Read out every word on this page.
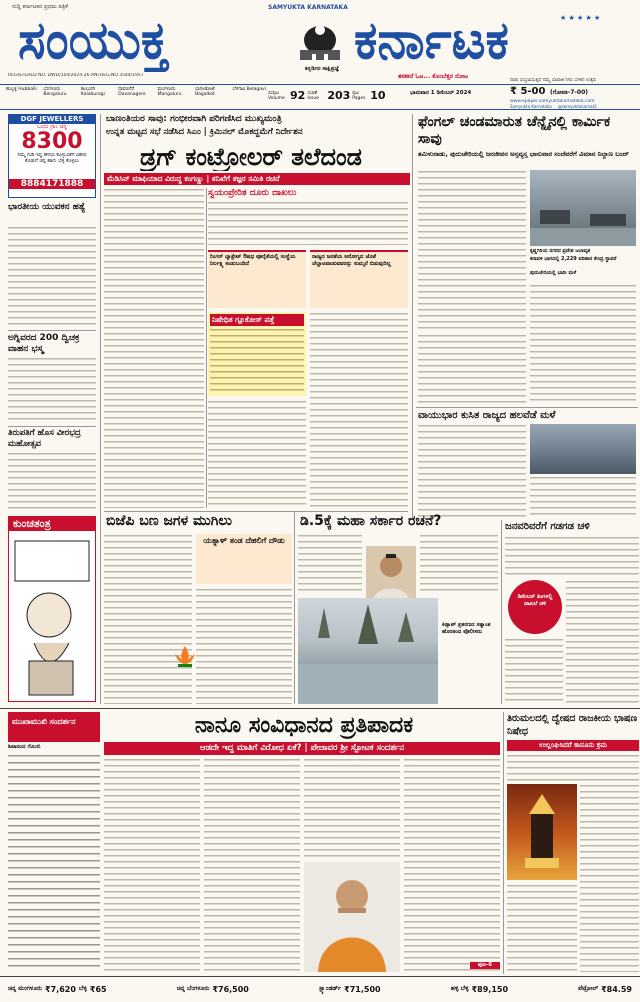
ಸುದ್ದಿ ಕರ್ನಾಟಕದ ಪ್ರಥಮ ಪತ್ರಿಕೆ	SAMYUKTA KARNATAKA
★ ★ ★ ★ ★
ಸಂಯುಕ್ತ	ಕನ್ನಡಿಗರ ಸಾಕ್ಷಿಪ್ರಜ್ಞೆ ಕರ್ನಾಟಕ
REGISTERED NO. DWD/104/2024-26 RNI.REG.NO.3544/1957	ತಕತಕನೆ ಓಟ... ಕೊಂಬೆತ್ತರ ನೋಟ
ನಾಡು ಸಂಭ್ರಮಿಸುತ್ತಿದೆ ನಮ್ಮ ಬಾಲಾಜಿ ನೀರು ಬೆಳಕಿನ ಉತ್ಸವ
ಹುಬ್ಬಳ್ಳಿ Hubballi	ಬೆಂಗಳೂರು Bengaluru
ಕಲಬುರಗಿ Kalaburagi
ದಾವಣಗೆರೆ Davanagere
ಮಂಗಳೂರು Mangaluru
ಬಾಗಲಕೋಟೆ Bagalkot
ಬೆಳಗಾವಿ Belagavi
ಸಂಪುಟ Volume 92 ಸಂಚಿಕೆ Issue 203 ಪುಟ Pages 10	ಭಾನುವಾರ 1 ಡಿಸೆಂಬರ್ 2024	₹ 5-00 (ಗೋವಾ-7-00)
www.epaper.samyuktakarnataka.com
Samyukta Karnataka @samyuktakarnat2
DGF JEWELLERS
ಒಂದು ಗ್ರಾಂ ಚಿನ್ನ
8300
ನಿಮ್ಮ ಗುಡಿ ಇದ್ದ ಹಳೆಯ ಕೊಳ್ಳುವಿಕೆಗೆ ವಿಶೇಷ ಕೊಡುಗೆ ಚಿನ್ನ ಹಾಗು ಬೆಳ್ಳಿ ಕೊಳ್ಳಲು
8884171888
ಭಾರತೀಯ ಯುವಕನ ಹತ್ಯೆ
ಅಗ್ನಿವರದ 200 ದ್ವಿಚಕ್ರ ವಾಹನ ಭಸ್ಮ
ತಿರುಪತಿಗೆ ಹೊಸ ವೀರಭದ್ರ ಮಹೋತ್ಸವ
ಕುಂಚತಂತ್ರ
ಬಾಣಂತಿಯರ ಸಾವು: ಗಂಭೀರವಾಗಿ ಪರಿಗಣಿಸಿದ ಮುಖ್ಯಮಂತ್ರಿ
ಉನ್ನತ ಮಟ್ಟದ ಸಭೆ ನಡೆಸಿದ ಸಿಎಂ | ಕ್ರಿಮಿನಲ್ ಮೊಕದ್ದಮೆಗೆ ನಿರ್ದೇಶನ
ಡ್ರಗ್ ಕಂಟ್ರೋಲರ್ ತಲೆದಂಡ
ಮೆಡಿಸಿನ್ ಮಾಫಿಯಾದ ವಿರುದ್ಧ ಕಂಗಣ್ಣು | ತನಿಖೆಗೆ ತಜ್ಞರ ಸಮಿತಿ ರಚನೆ
ಸ್ವಯಂಪ್ರೇರಿತ ದೂರು ದಾಖಲು
ರಿಂಗರ್ ಲ್ಯಾಕ್ಟೇಟ್ ಔಷಧ ಪೂರೈಕೆಯಲ್ಲಿ ಸಂಸ್ಥೆಯ ನಿರ್ಲಕ್ಷ್ಯ ಕಂಡುಬಂದಿದೆ
ರಾಜ್ಯದ ಜನತೆಯ ಆರೋಗ್ಯದ ಜೊತೆ ಚೆಲ್ಲಾಟವಾಡುವವರನ್ನು ಸುಮ್ಮನೆ ಬಿಡುವುದಿಲ್ಲ
ನಿಷೇಧಿತ ಗ್ಲೂಕೋಸ್ ಪತ್ತೆ
ಫೆಂಗಲ್ ಚಂಡಮಾರುತ ಚೆನ್ನೈನಲ್ಲಿ ಕಾರ್ಮಿಕ ಸಾವು
ತಮಿಳುನಾಡು, ಪುದುಚೇರಿಯಲ್ಲಿ ಜನಜೀವನ ಅಸ್ತವ್ಯಸ್ತ ಭಾನುವಾರ ಸಂಜೆವರೆಗೆ ವಿಮಾನ ನಿಲ್ದಾಣ ಬಂದ್
ಕೃಷ್ಣಗಿರಿಯ ನಗರದ ಪ್ರದೇಶ ಜಲಾವೃತ
ಕರಾವಳಿ ಭಾಗದಲ್ಲಿ 2,229 ಪರಿಹಾರ ಕೇಂದ್ರ ಸ್ಥಾಪನೆ
ಪುದುಚೇರಿಯಲ್ಲಿ ಭಾರೀ ಮಳೆ
ವಾಯುಭಾರ ಕುಸಿತ ರಾಜ್ಯದ ಹಲವೆಡೆ ಮಳೆ
ಬಿಜೆಪಿ ಬಣ ಜಗಳ ಮುಗಿಲು
ಯತ್ನಾಳ್ ತಂಡ ದೆಹಲಿಗೆ ದೌಡು
ಡಿ.5ಕ್ಕೆ ಮಹಾ ಸರ್ಕಾರ ರಚನೆ?
ಕಿಡ್ನಾಪ್ ಪ್ರಕರಣದ ಸತ್ಯಾಂಶ ಹೊರತಂದ ಪೊಲೀಸರು
ಜನವರಿವರೆಗೆ ಗಡಗಡ ಚಳಿ
ಡಿಸೆಂಬರ್ ತಿಂಗಳಲ್ಲಿ ದಾಖಲೆ ಚಳಿ
ಮುಖಾಮುಖಿ ಸಂದರ್ಶನ
ಶಿವಾನಂದ ಗೊಂಬಿ
ನಾನೂ ಸಂವಿಧಾನದ ಪ್ರತಿಪಾದಕ
ಆಡದೇ ಇದ್ದ ಮಾತಿಗೆ ವಿರೋಧ ಏಕೆ? | ಪೇಜಾವರ ಶ್ರೀ ಸ್ಪೋಟಕ ಸಂದರ್ಶನ
ಪುಟ-6
ತಿರುಮಲದಲ್ಲಿ ದ್ವೇಷದ ರಾಜಕೀಯ ಭಾಷಣ ನಿಷೇಧ
ಉಲ್ಲಂಘಿಸಿದರೆ ಕಾನೂನು ಕ್ರಮ
ಚಿನ್ನ ಮಂಗಳೂರು ₹7,620 ಬೆಳ್ಳಿ ₹65	ಚಿನ್ನ ಬೆಂಗಳೂರು ₹76,500	ಸ್ಟ್ಯಾಂಡರ್ಡ್ ₹71,500	ಹಳ್ಳಿ ಬೆಳ್ಳಿ ₹89,150	ಪೆಟ್ರೋಲ್ ₹84.59
